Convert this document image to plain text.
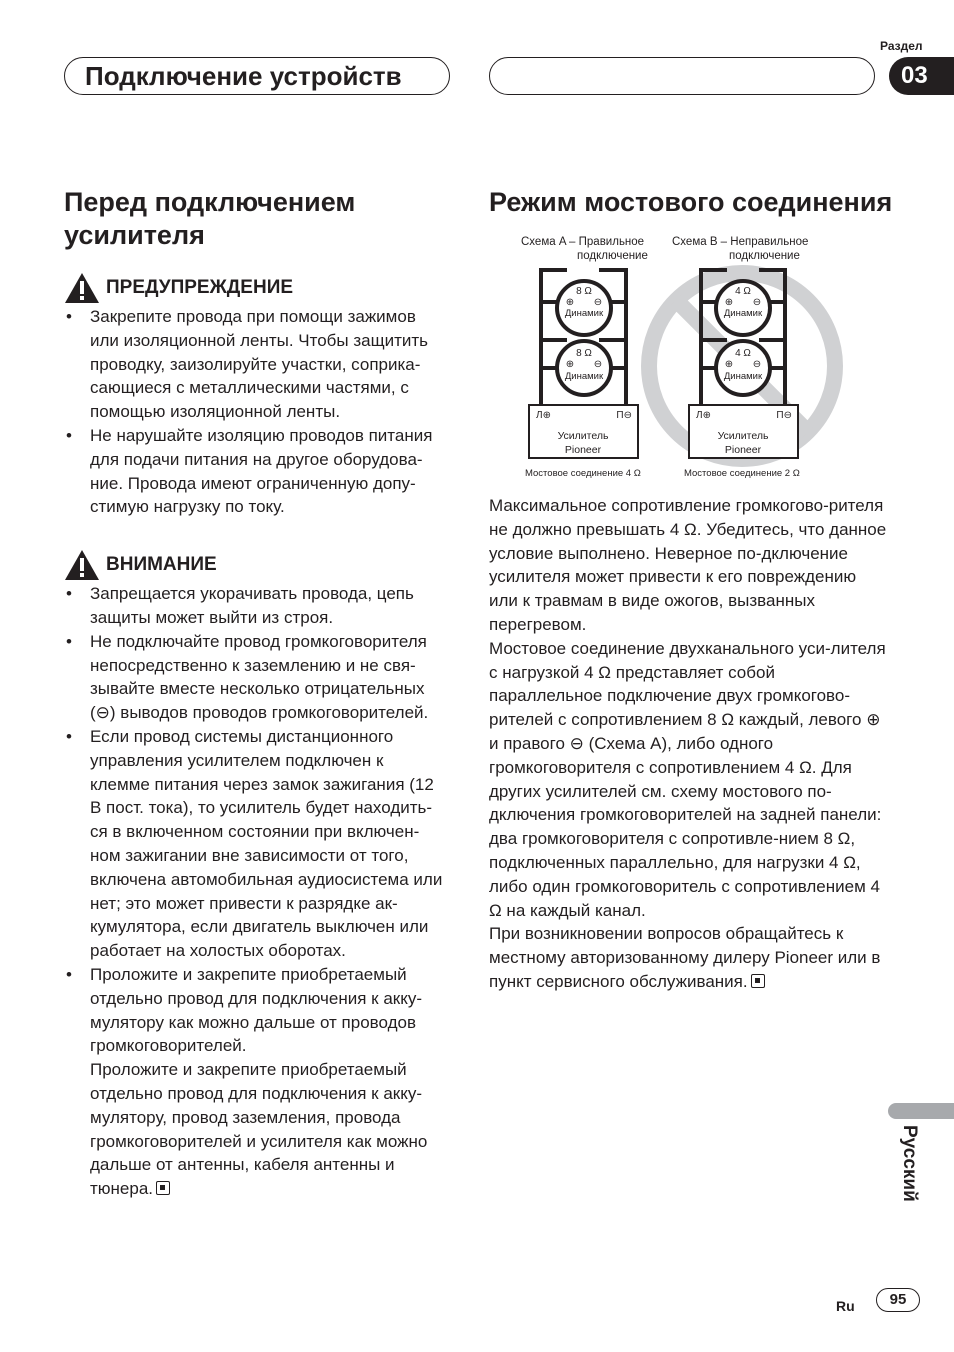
Подключение устройств
Раздел
03
Перед подключением усилителя
ПРЕДУПРЕЖДЕНИЕ
• Закрепите провода при помощи зажимов или изоляционной ленты. Чтобы защитить проводку, заизолируйте участки, соприка-сающиеся с металлическими частями, с помощью изоляционной ленты.
• Не нарушайте изоляцию проводов питания для подачи питания на другое оборудова-ние. Провода имеют ограниченную допу-стимую нагрузку по току.
ВНИМАНИЕ
• Запрещается укорачивать провода, цепь защиты может выйти из строя.
• Не подключайте провод громкоговорителя непосредственно к заземлению и не свя-зывайте вместе несколько отрицательных (⊖) выводов проводов громкоговорителей.
• Если провод системы дистанционного управления усилителем подключен к клемме питания через замок зажигания (12 В пост. тока), то усилитель будет находить-ся в включенном состоянии при включен-ном зажигании вне зависимости от того, включена автомобильная аудиосистема или нет; это может привести к разрядке ак-кумулятора, если двигатель выключен или работает на холостых оборотах.
• Проложите и закрепите приобретаемый отдельно провод для подключения к акку-мулятору как можно дальше от проводов громкоговорителей.
Проложите и закрепите приобретаемый отдельно провод для подключения к акку-мулятору, провод заземления, провода громкоговорителей и усилителя как можно дальше от антенны, кабеля антенны и тюнера.
Режим мостового соединения
Схема A – Правильное
подключение
Схема B – Неправильное
подключение
8 Ω
⊕ ⊖
Динамик
8 Ω
⊕ ⊖
Динамик
4 Ω
⊕ ⊖
Динамик
4 Ω
⊕ ⊖
Динамик
Л⊕	П⊖
Усилитель
Pioneer
Л⊕	П⊖
Усилитель
Pioneer
Мостовое соединение 4 Ω	Мостовое соединение 2 Ω
Максимальное сопротивление громкогово-рителя не должно превышать 4 Ω. Убедитесь, что данное условие выполнено. Неверное по-дключение усилителя может привести к его повреждению или к травмам в виде ожогов, вызванных перегревом.
Мостовое соединение двухканального уси-лителя с нагрузкой 4 Ω представляет собой параллельное подключение двух громкогово-рителей с сопротивлением 8 Ω каждый, левого ⊕ и правого ⊖ (Схема A), либо одного громкоговорителя с сопротивлением 4 Ω. Для других усилителей см. схему мостового по-дключения громкоговорителей на задней панели: два громкоговорителя с сопротивле-нием 8 Ω, подключенных параллельно, для нагрузки 4 Ω, либо один громкоговоритель с сопротивлением 4 Ω на каждый канал.
При возникновении вопросов обращайтесь к местному авторизованному дилеру Pioneer или в пункт сервисного обслуживания.
Русский
Ru	95
